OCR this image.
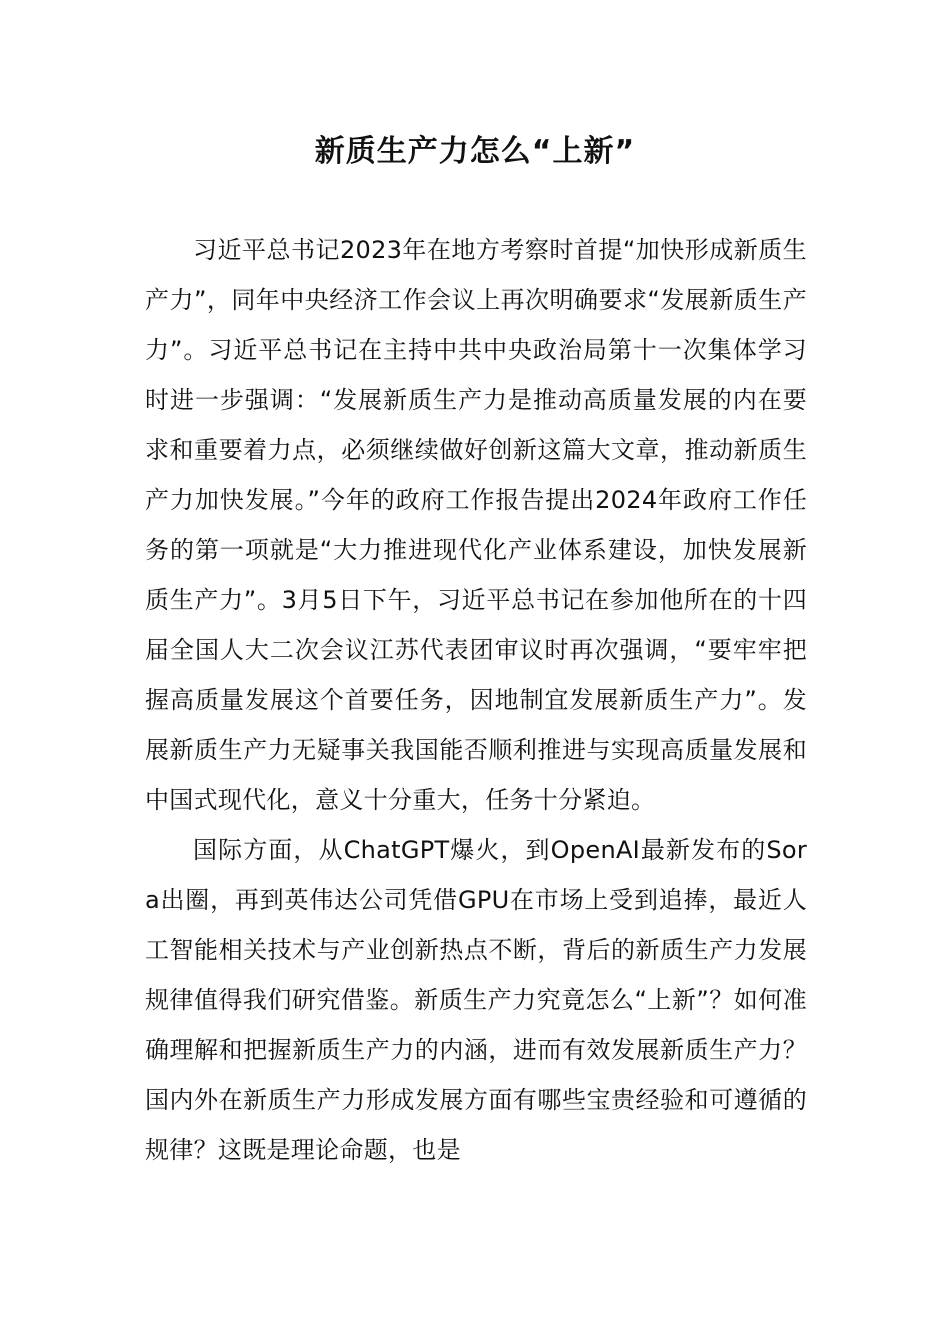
新质生产力怎么“上新”

习近平总书记2023年在地方考察时首提“加快形成新质生产力”，同年中央经济工作会议上再次明确要求“发展新质生产力”。习近平总书记在主持中共中央政治局第十一次集体学习时进一步强调：“发展新质生产力是推动高质量发展的内在要求和重要着力点，必须继续做好创新这篇大文章，推动新质生产力加快发展。”今年的政府工作报告提出2024年政府工作任务的第一项就是“大力推进现代化产业体系建设，加快发展新质生产力”。3月5日下午，习近平总书记在参加他所在的十四届全国人大二次会议江苏代表团审议时再次强调，“要牢牢把握高质量发展这个首要任务，因地制宜发展新质生产力”。发展新质生产力无疑事关我国能否顺利推进与实现高质量发展和中国式现代化，意义十分重大，任务十分紧迫。

国际方面，从ChatGPT爆火，到OpenAI最新发布的Sora出圈，再到英伟达公司凭借GPU在市场上受到追捧，最近人工智能相关技术与产业创新热点不断，背后的新质生产力发展规律值得我们研究借鉴。新质生产力究竟怎么“上新”？如何准确理解和把握新质生产力的内涵，进而有效发展新质生产力？国内外在新质生产力形成发展方面有哪些宝贵经验和可遵循的规律？这既是理论命题，也是
